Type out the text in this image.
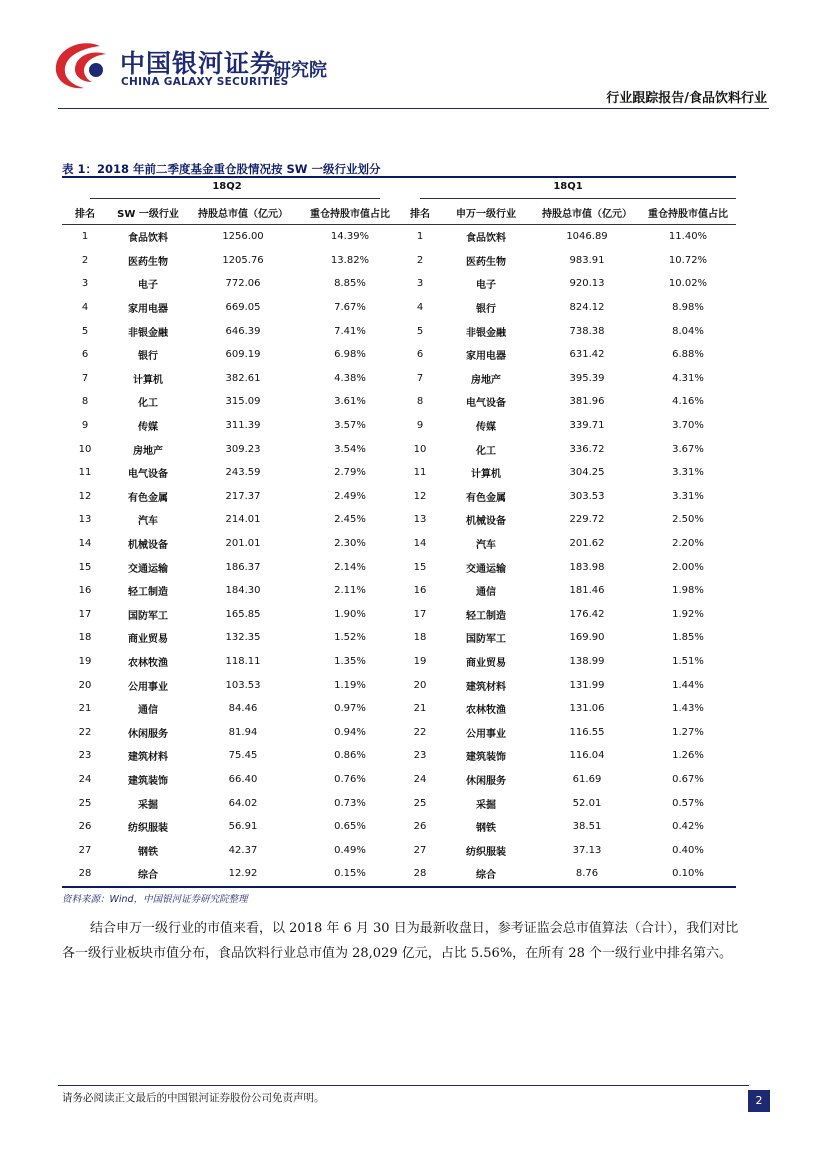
中国银河证券
CHINA GALAXY SECURITIES
研究院
行业跟踪报告/食品饮料行业
表 1：2018 年前二季度基金重仓股情况按 SW 一级行业划分
18Q2	18Q1
排名	SW 一级行业	持股总市值（亿元）	重仓持股市值占比	排名	申万一级行业	持股总市值（亿元）	重仓持股市值占比
1	食品饮料	1256.00	14.39%	1	食品饮料	1046.89	11.40%
2	医药生物	1205.76	13.82%	2	医药生物	983.91	10.72%
3	电子	772.06	8.85%	3	电子	920.13	10.02%
4	家用电器	669.05	7.67%	4	银行	824.12	8.98%
5	非银金融	646.39	7.41%	5	非银金融	738.38	8.04%
6	银行	609.19	6.98%	6	家用电器	631.42	6.88%
7	计算机	382.61	4.38%	7	房地产	395.39	4.31%
8	化工	315.09	3.61%	8	电气设备	381.96	4.16%
9	传媒	311.39	3.57%	9	传媒	339.71	3.70%
10	房地产	309.23	3.54%	10	化工	336.72	3.67%
11	电气设备	243.59	2.79%	11	计算机	304.25	3.31%
12	有色金属	217.37	2.49%	12	有色金属	303.53	3.31%
13	汽车	214.01	2.45%	13	机械设备	229.72	2.50%
14	机械设备	201.01	2.30%	14	汽车	201.62	2.20%
15	交通运输	186.37	2.14%	15	交通运输	183.98	2.00%
16	轻工制造	184.30	2.11%	16	通信	181.46	1.98%
17	国防军工	165.85	1.90%	17	轻工制造	176.42	1.92%
18	商业贸易	132.35	1.52%	18	国防军工	169.90	1.85%
19	农林牧渔	118.11	1.35%	19	商业贸易	138.99	1.51%
20	公用事业	103.53	1.19%	20	建筑材料	131.99	1.44%
21	通信	84.46	0.97%	21	农林牧渔	131.06	1.43%
22	休闲服务	81.94	0.94%	22	公用事业	116.55	1.27%
23	建筑材料	75.45	0.86%	23	建筑装饰	116.04	1.26%
24	建筑装饰	66.40	0.76%	24	休闲服务	61.69	0.67%
25	采掘	64.02	0.73%	25	采掘	52.01	0.57%
26	纺织服装	56.91	0.65%	26	钢铁	38.51	0.42%
27	钢铁	42.37	0.49%	27	纺织服装	37.13	0.40%
28	综合	12.92	0.15%	28	综合	8.76	0.10%
资料来源：Wind，中国银河证券研究院整理
结合申万一级行业的市值来看，以 2018 年 6 月 30 日为最新收盘日，参考证监会总市值算法（合计），我们对比各一级行业板块市值分布，食品饮料行业总市值为 28,029 亿元，占比 5.56%，在所有 28 个一级行业中排名第六。
请务必阅读正文最后的中国银河证券股份公司免责声明。	2
